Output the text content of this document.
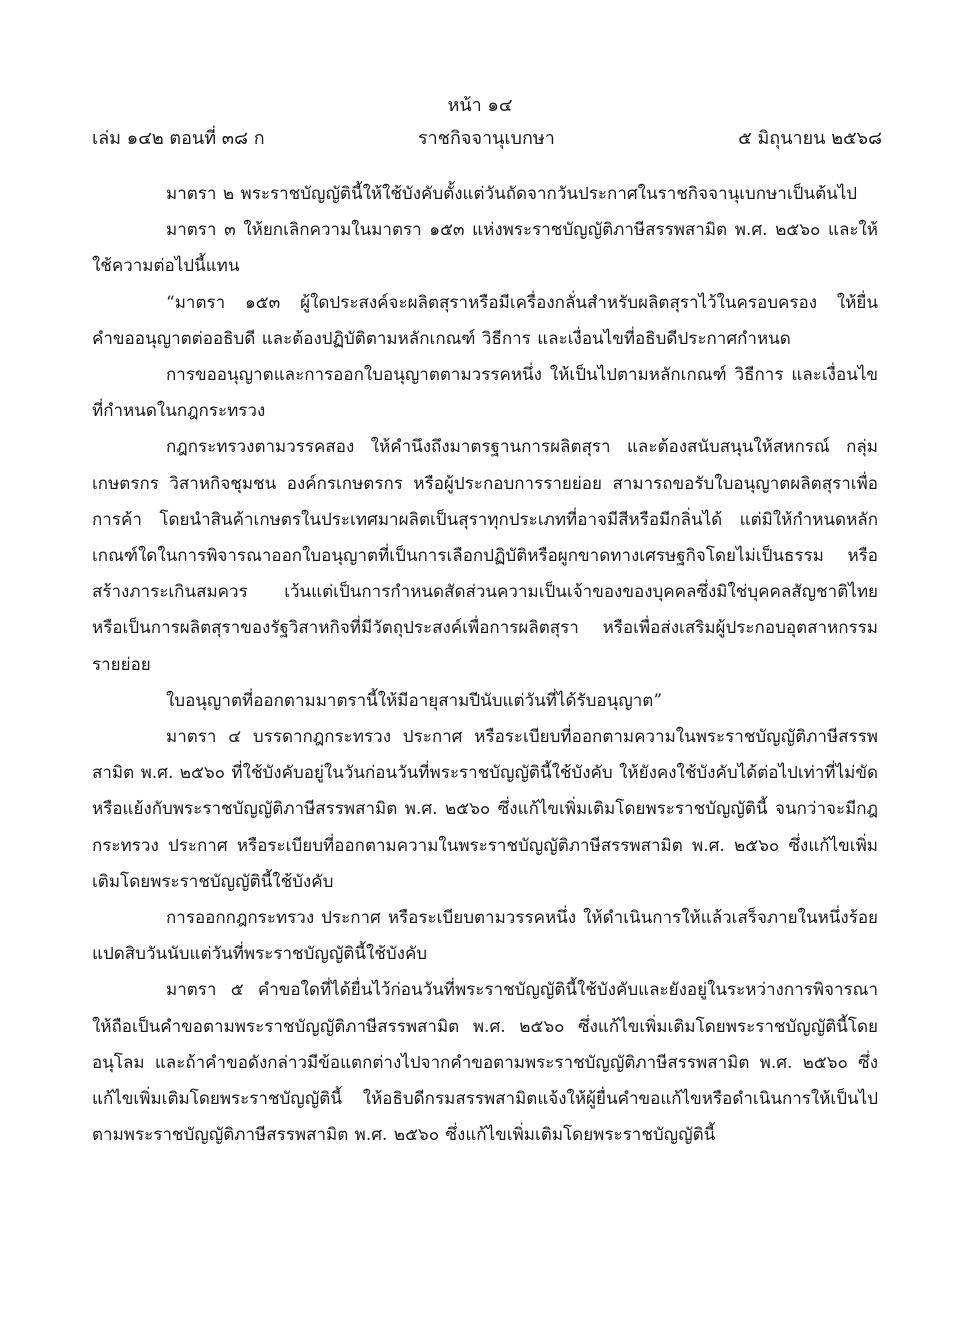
หน้า ๑๔
เล่ม ๑๔๒ ตอนที่ ๓๘ ก	ราชกิจจานุเบกษา	๕ มิถุนายน ๒๕๖๘

มาตรา ๒ พระราชบัญญัตินี้ให้ใช้บังคับตั้งแต่วันถัดจากวันประกาศในราชกิจจานุเบกษาเป็นต้นไป

มาตรา ๓ ให้ยกเลิกความในมาตรา ๑๕๓ แห่งพระราชบัญญัติภาษีสรรพสามิต พ.ศ. ๒๕๖๐ และให้ใช้ความต่อไปนี้แทน

“มาตรา ๑๕๓ ผู้ใดประสงค์จะผลิตสุราหรือมีเครื่องกลั่นสำหรับผลิตสุราไว้ในครอบครอง ให้ยื่นคำขออนุญาตต่ออธิบดี และต้องปฏิบัติตามหลักเกณฑ์ วิธีการ และเงื่อนไขที่อธิบดีประกาศกำหนด

การขออนุญาตและการออกใบอนุญาตตามวรรคหนึ่ง ให้เป็นไปตามหลักเกณฑ์ วิธีการ และเงื่อนไขที่กำหนดในกฎกระทรวง

กฎกระทรวงตามวรรคสอง ให้คำนึงถึงมาตรฐานการผลิตสุรา และต้องสนับสนุนให้สหกรณ์ กลุ่มเกษตรกร วิสาหกิจชุมชน องค์กรเกษตรกร หรือผู้ประกอบการรายย่อย สามารถขอรับใบอนุญาตผลิตสุราเพื่อการค้า โดยนำสินค้าเกษตรในประเทศมาผลิตเป็นสุราทุกประเภทที่อาจมีสีหรือมีกลิ่นได้ แต่มิให้กำหนดหลักเกณฑ์ใดในการพิจารณาออกใบอนุญาตที่เป็นการเลือกปฏิบัติหรือผูกขาดทางเศรษฐกิจโดยไม่เป็นธรรม หรือสร้างภาระเกินสมควร เว้นแต่เป็นการกำหนดสัดส่วนความเป็นเจ้าของของบุคคลซึ่งมิใช่บุคคลสัญชาติไทย หรือเป็นการผลิตสุราของรัฐวิสาหกิจที่มีวัตถุประสงค์เพื่อการผลิตสุรา หรือเพื่อส่งเสริมผู้ประกอบอุตสาหกรรมรายย่อย

ใบอนุญาตที่ออกตามมาตรานี้ให้มีอายุสามปีนับแต่วันที่ได้รับอนุญาต”

มาตรา ๔ บรรดากฎกระทรวง ประกาศ หรือระเบียบที่ออกตามความในพระราชบัญญัติภาษีสรรพสามิต พ.ศ. ๒๕๖๐ ที่ใช้บังคับอยู่ในวันก่อนวันที่พระราชบัญญัตินี้ใช้บังคับ ให้ยังคงใช้บังคับได้ต่อไปเท่าที่ไม่ขัดหรือแย้งกับพระราชบัญญัติภาษีสรรพสามิต พ.ศ. ๒๕๖๐ ซึ่งแก้ไขเพิ่มเติมโดยพระราชบัญญัตินี้ จนกว่าจะมีกฎกระทรวง ประกาศ หรือระเบียบที่ออกตามความในพระราชบัญญัติภาษีสรรพสามิต พ.ศ. ๒๕๖๐ ซึ่งแก้ไขเพิ่มเติมโดยพระราชบัญญัตินี้ใช้บังคับ

การออกกฎกระทรวง ประกาศ หรือระเบียบตามวรรคหนึ่ง ให้ดำเนินการให้แล้วเสร็จภายในหนึ่งร้อยแปดสิบวันนับแต่วันที่พระราชบัญญัตินี้ใช้บังคับ

มาตรา ๕ คำขอใดที่ได้ยื่นไว้ก่อนวันที่พระราชบัญญัตินี้ใช้บังคับและยังอยู่ในระหว่างการพิจารณา ให้ถือเป็นคำขอตามพระราชบัญญัติภาษีสรรพสามิต พ.ศ. ๒๕๖๐ ซึ่งแก้ไขเพิ่มเติมโดยพระราชบัญญัตินี้โดยอนุโลม และถ้าคำขอดังกล่าวมีข้อแตกต่างไปจากคำขอตามพระราชบัญญัติภาษีสรรพสามิต พ.ศ. ๒๕๖๐ ซึ่งแก้ไขเพิ่มเติมโดยพระราชบัญญัตินี้ ให้อธิบดีกรมสรรพสามิตแจ้งให้ผู้ยื่นคำขอแก้ไขหรือดำเนินการให้เป็นไปตามพระราชบัญญัติภาษีสรรพสามิต พ.ศ. ๒๕๖๐ ซึ่งแก้ไขเพิ่มเติมโดยพระราชบัญญัตินี้
